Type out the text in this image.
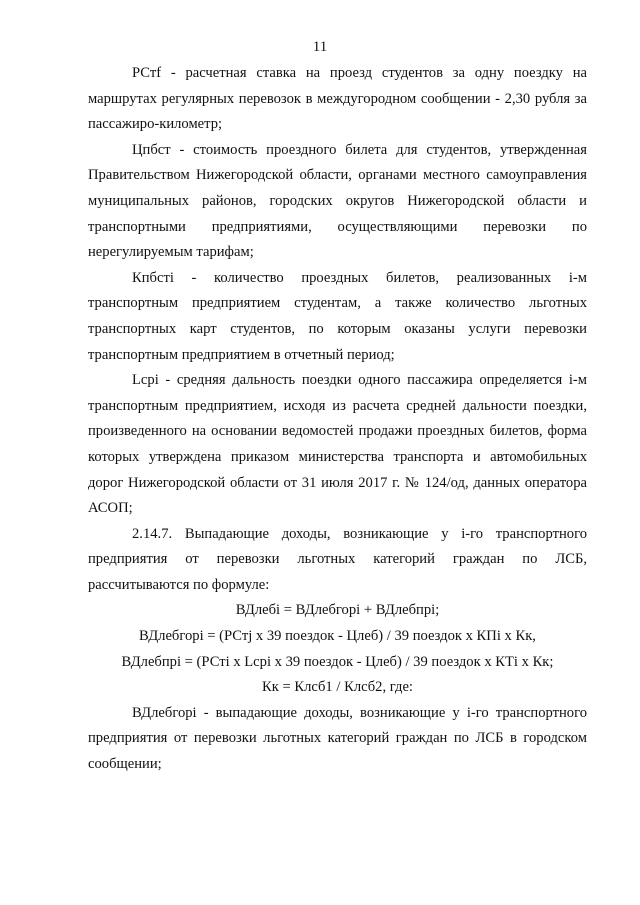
11

РСтf - расчетная ставка на проезд студентов за одну поездку на маршрутах регулярных перевозок в междугородном сообщении - 2,30 рубля за пассажиро-километр;

Цпбст - стоимость проездного билета для студентов, утвержденная Правительством Нижегородской области, органами местного самоуправления муниципальных районов, городских округов Нижегородской области и транспортными предприятиями, осуществляющими перевозки по нерегулируемым тарифам;

Кпбстi - количество проездных билетов, реализованных i-м транспортным предприятием студентам, а также количество льготных транспортных карт студентов, по которым оказаны услуги перевозки транспортным предприятием в отчетный период;

Lcpi - средняя дальность поездки одного пассажира определяется i-м транспортным предприятием, исходя из расчета средней дальности поездки, произведенного на основании ведомостей продажи проездных билетов, форма которых утверждена приказом министерства транспорта и автомобильных дорог Нижегородской области от 31 июля 2017 г. № 124/од, данных оператора АСОП;

2.14.7. Выпадающие доходы, возникающие у i-го транспортного предприятия от перевозки льготных категорий граждан по ЛСБ, рассчитываются по формуле:

ВДлебi = ВДлебгорi + ВДлебпрi;

ВДлебгорi = (РСтj x 39 поездок - Цлеб) / 39 поездок x КПi x Кк,

ВДлебпрi = (РСтi x Lcpi x 39 поездок - Цлеб) / 39 поездок x КТi x Кк;

Кк = Клсб1 / Клсб2, где:

ВДлебгорi - выпадающие доходы, возникающие у i-го транспортного предприятия от перевозки льготных категорий граждан по ЛСБ в городском сообщении;
